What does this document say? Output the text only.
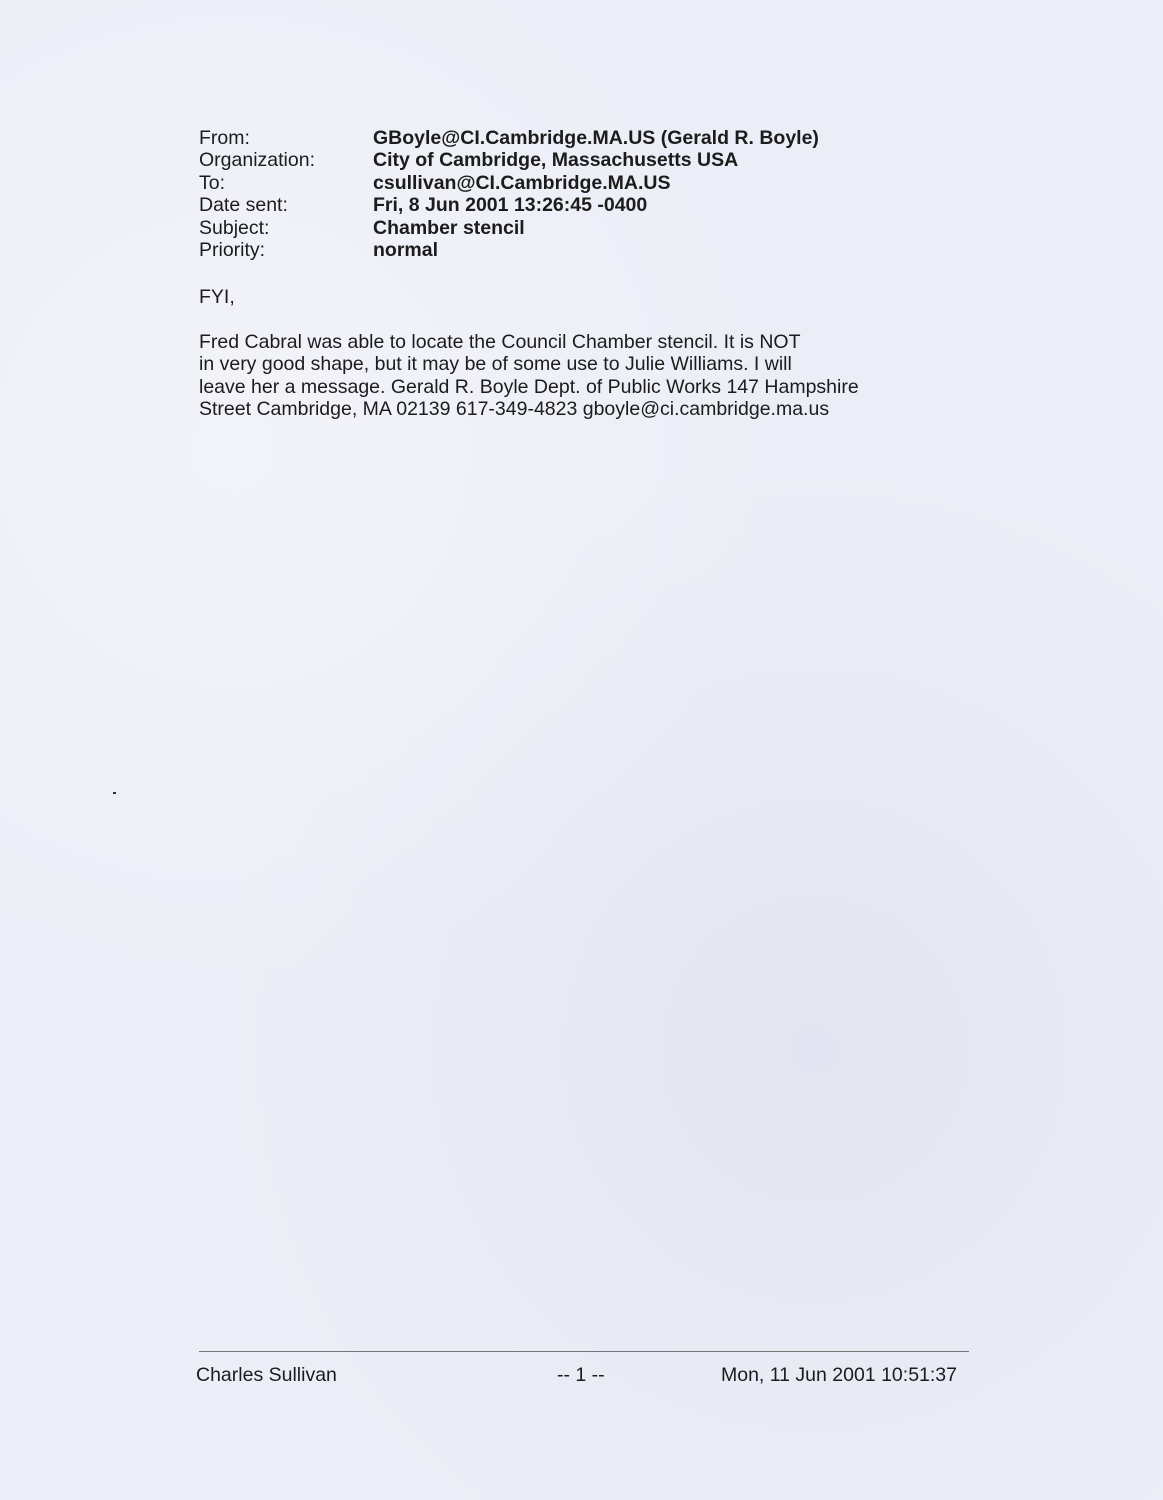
From:	GBoyle@CI.Cambridge.MA.US (Gerald R. Boyle)
Organization:	City of Cambridge, Massachusetts USA
To:	csullivan@CI.Cambridge.MA.US
Date sent:	Fri, 8 Jun 2001 13:26:45 -0400
Subject:	Chamber stencil
Priority:	normal
FYI,
Fred Cabral was able to locate the Council Chamber stencil. It is NOT
in very good shape, but it may be of some use to Julie Williams. I will
leave her a message. Gerald R. Boyle Dept. of Public Works 147 Hampshire
Street Cambridge, MA 02139 617-349-4823 gboyle@ci.cambridge.ma.us
Charles Sullivan	-- 1 --	Mon, 11 Jun 2001 10:51:37
